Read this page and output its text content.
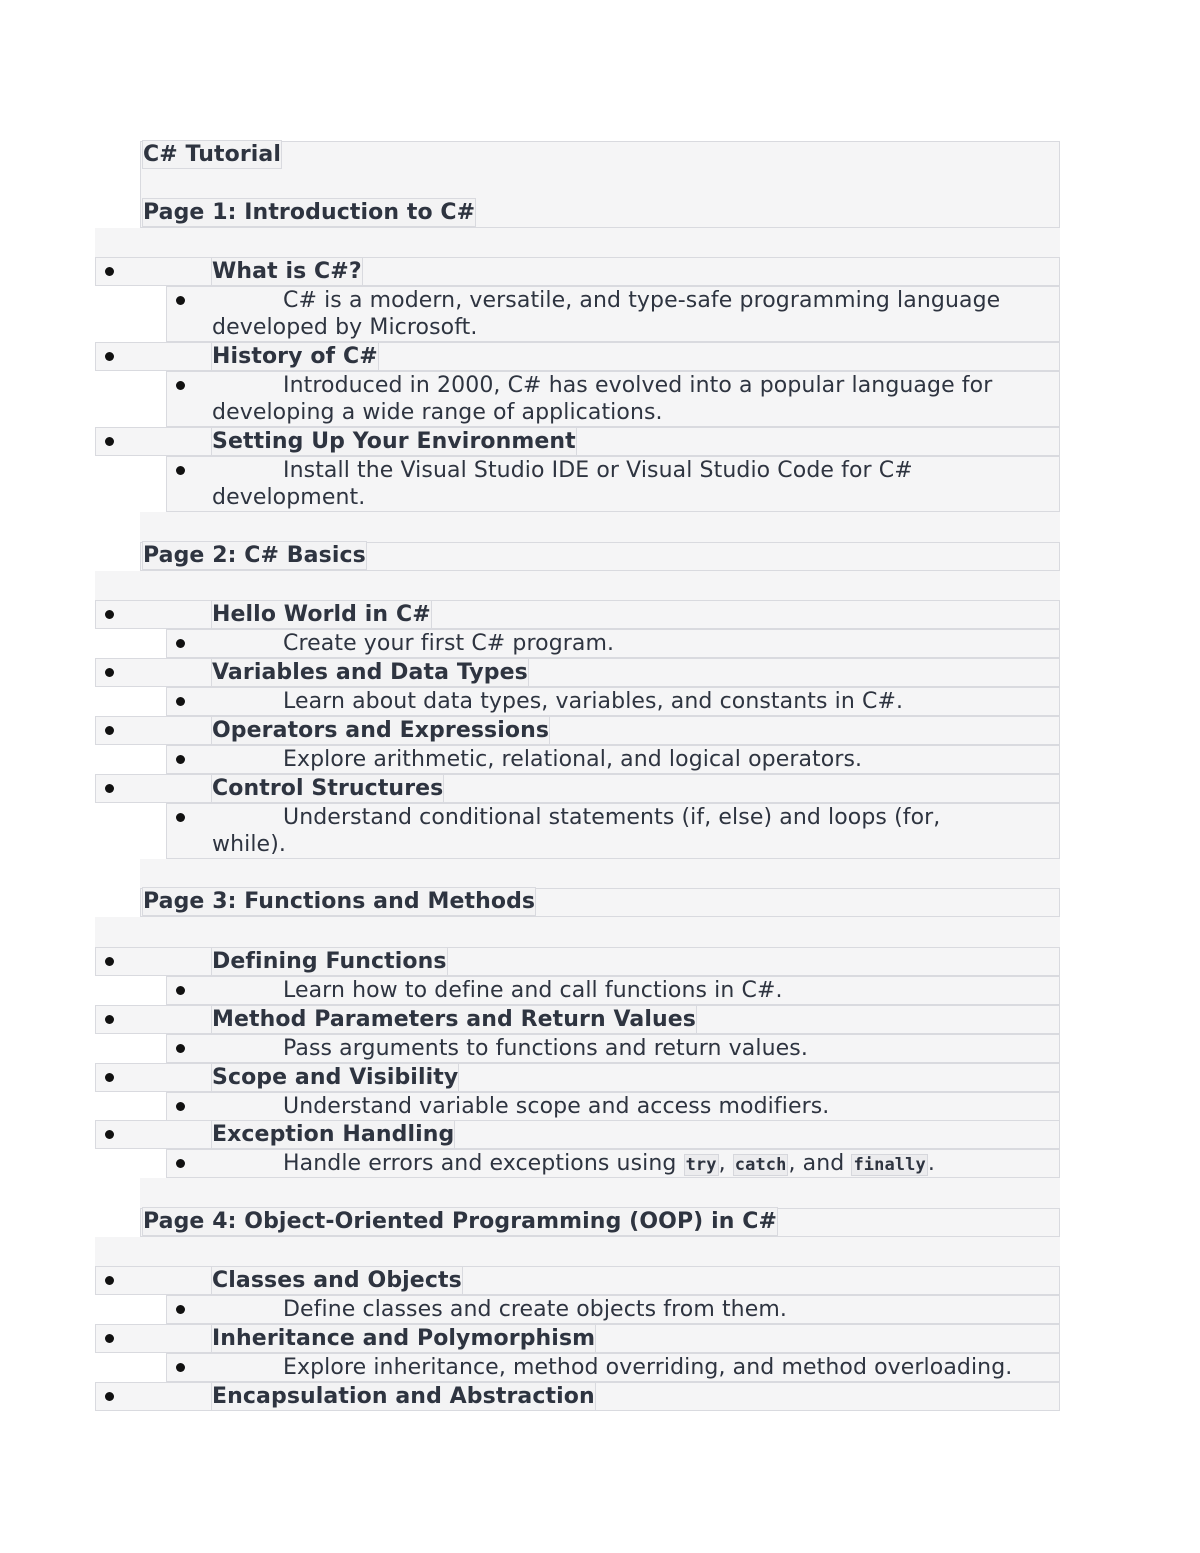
C# Tutorial
Page 1: Introduction to C#
What is C#?
C# is a modern, versatile, and type-safe programming language
developed by Microsoft.
History of C#
Introduced in 2000, C# has evolved into a popular language for
developing a wide range of applications.
Setting Up Your Environment
Install the Visual Studio IDE or Visual Studio Code for C#
development.
Page 2: C# Basics
Hello World in C#
Create your first C# program.
Variables and Data Types
Learn about data types, variables, and constants in C#.
Operators and Expressions
Explore arithmetic, relational, and logical operators.
Control Structures
Understand conditional statements (if, else) and loops (for,
while).
Page 3: Functions and Methods
Defining Functions
Learn how to define and call functions in C#.
Method Parameters and Return Values
Pass arguments to functions and return values.
Scope and Visibility
Understand variable scope and access modifiers.
Exception Handling
Handle errors and exceptions using try, catch, and finally.
Page 4: Object-Oriented Programming (OOP) in C#
Classes and Objects
Define classes and create objects from them.
Inheritance and Polymorphism
Explore inheritance, method overriding, and method overloading.
Encapsulation and Abstraction
